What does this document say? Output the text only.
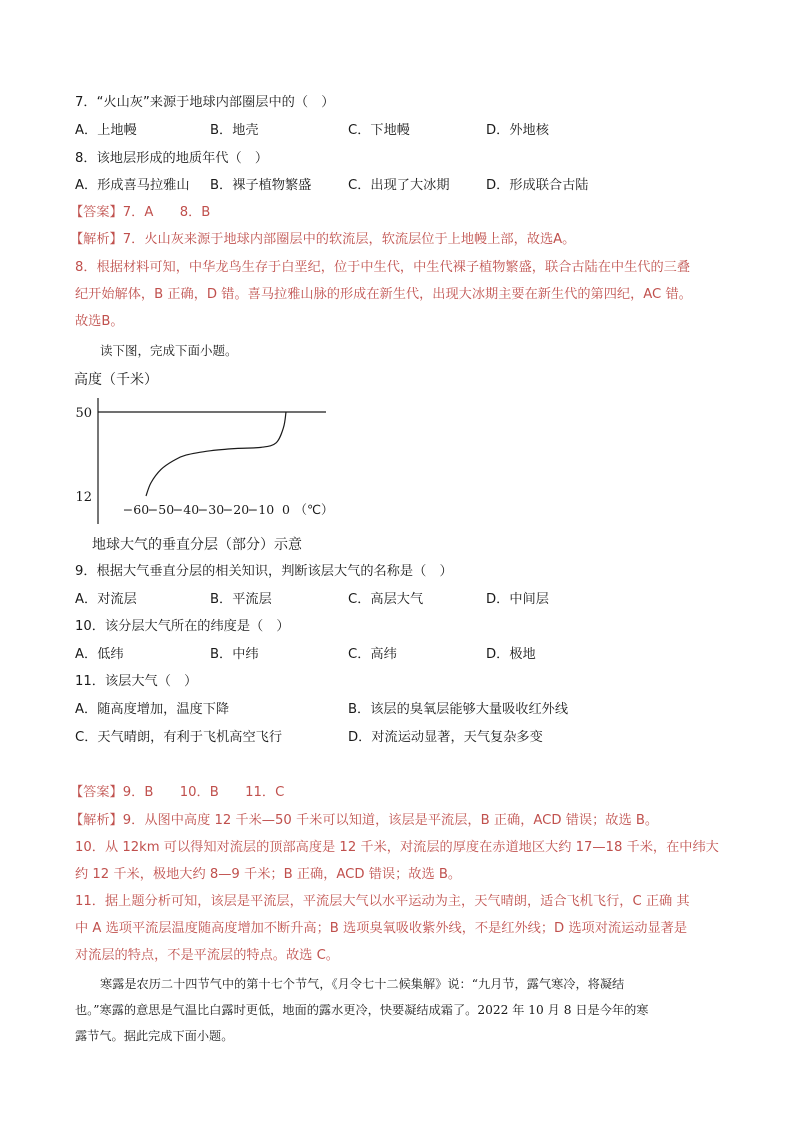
7．“火山灰”来源于地球内部圈层中的（　）
A．上地幔	B．地壳	C．下地幔	D．外地核
8．该地层形成的地质年代（　）
A．形成喜马拉雅山 B．裸子植物繁盛	C．出现了大冰期	D．形成联合古陆
【答案】7．A　　8．B
【解析】7．火山灰来源于地球内部圈层中的软流层，软流层位于上地幔上部，故选A。
8．根据材料可知，中华龙鸟生存于白垩纪，位于中生代，中生代裸子植物繁盛，联合古陆在中生代的三叠
纪开始解体，B 正确，D 错。喜马拉雅山脉的形成在新生代，出现大冰期主要在新生代的第四纪，AC 错。
故选B。
读下图，完成下面小题。
高度（千米）
12
50
−60
−50
−40
−30
−20
−10 0 （℃）
地球大气的垂直分层（部分）示意
9．根据大气垂直分层的相关知识，判断该层大气的名称是（　）
A．对流层	B．平流层	C．高层大气	D．中间层
10．该分层大气所在的纬度是（　）
A．低纬	B．中纬	C．高纬	D．极地
11．该层大气（　）
A．随高度增加，温度下降	B．该层的臭氧层能够大量吸收红外线
C．天气晴朗，有利于飞机高空飞行	D．对流运动显著，天气复杂多变
【答案】9．B　　10．B　　11．C
【解析】9．从图中高度 12 千米—50 千米可以知道，该层是平流层，B 正确，ACD 错误；故选 B。
10．从 12km 可以得知对流层的顶部高度是 12 千米，对流层的厚度在赤道地区大约 17—18 千米，在中纬大
约 12 千米，极地大约 8—9 千米；B 正确，ACD 错误；故选 B。
11．据上题分析可知，该层是平流层，平流层大气以水平运动为主，天气晴朗，适合飞机飞行，C 正确 其
中 A 选项平流层温度随高度增加不断升高；B 选项臭氧吸收紫外线，不是红外线；D 选项对流运动显著是
对流层的特点，不是平流层的特点。故选 C。
寒露是农历二十四节气中的第十七个节气，《月令七十二候集解》说：“九月节，露气寒冷，将凝结
也。”寒露的意思是气温比白露时更低，地面的露水更冷，快要凝结成霜了。2022 年 10 月 8 日是今年的寒
露节气。据此完成下面小题。
